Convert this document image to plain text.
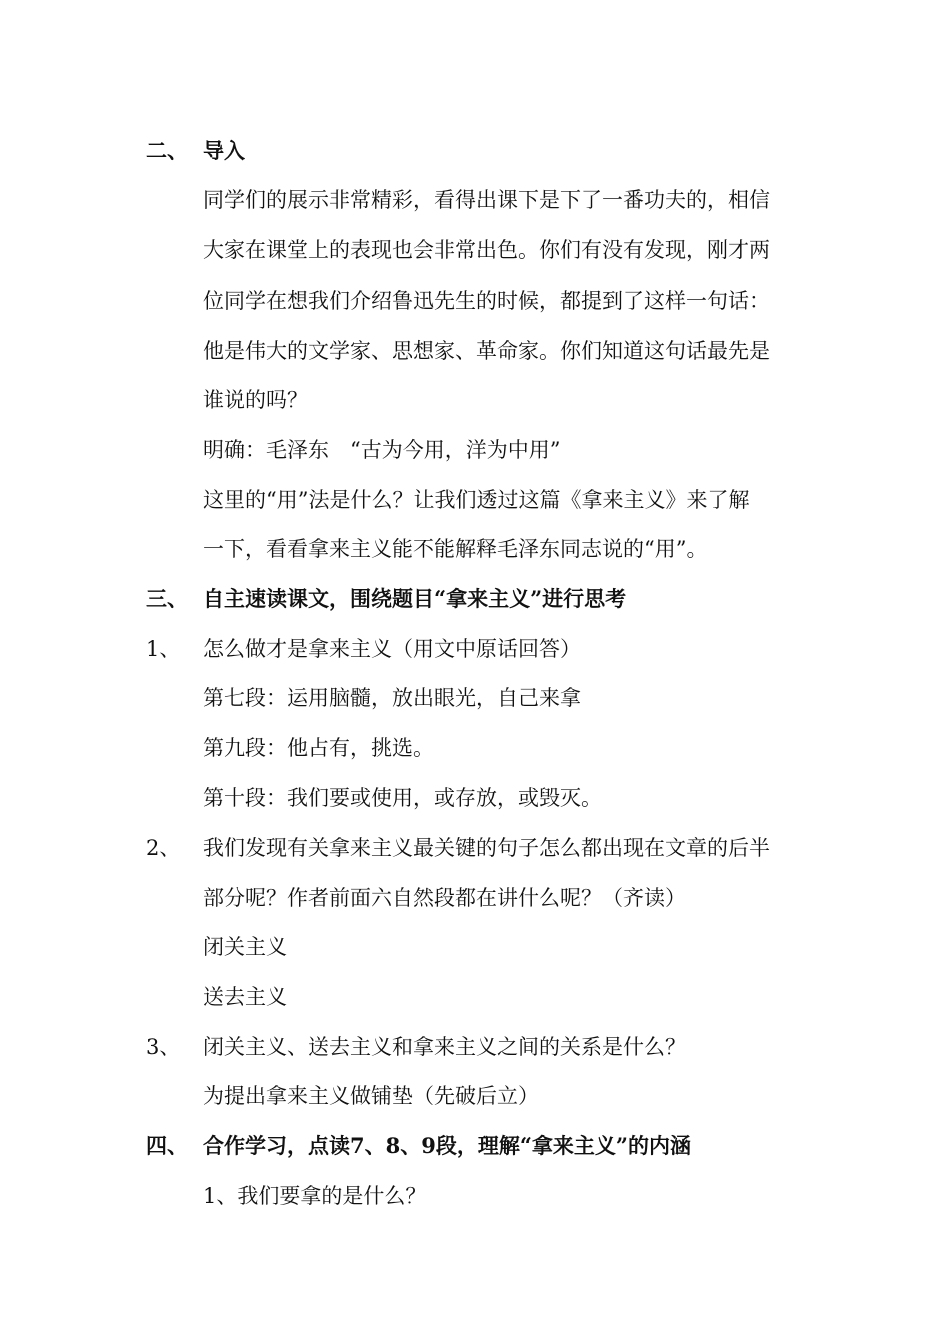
二、 导入
同学们的展示非常精彩，看得出课下是下了一番功夫的，相信
大家在课堂上的表现也会非常出色。你们有没有发现，刚才两
位同学在想我们介绍鲁迅先生的时候，都提到了这样一句话：
他是伟大的文学家、思想家、革命家。你们知道这句话最先是
谁说的吗？
明确：毛泽东　“古为今用，洋为中用”
这里的“用”法是什么？让我们透过这篇《拿来主义》来了解
一下，看看拿来主义能不能解释毛泽东同志说的“用”。
三、 自主速读课文，围绕题目“拿来主义”进行思考
1、 怎么做才是拿来主义（用文中原话回答）
第七段：运用脑髓，放出眼光，自己来拿
第九段：他占有，挑选。
第十段：我们要或使用，或存放，或毁灭。
2、 我们发现有关拿来主义最关键的句子怎么都出现在文章的后半
部分呢？作者前面六自然段都在讲什么呢？（齐读）
闭关主义
送去主义
3、 闭关主义、送去主义和拿来主义之间的关系是什么？
为提出拿来主义做铺垫（先破后立）
四、 合作学习，点读7、8、9段，理解“拿来主义”的内涵
1、我们要拿的是什么？
